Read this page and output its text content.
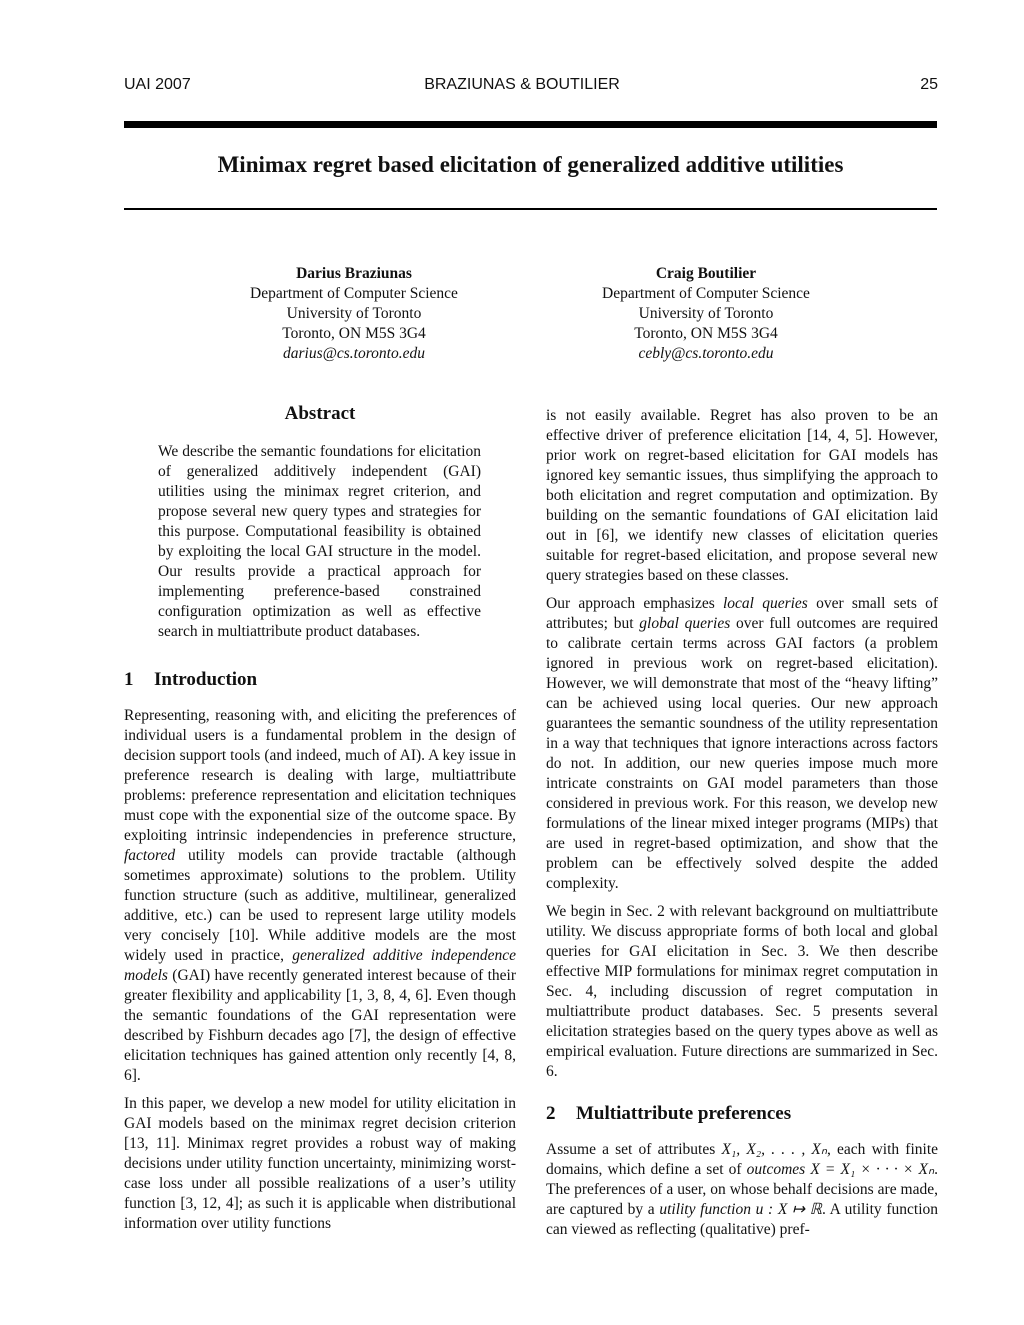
UAI 2007	BRAZIUNAS & BOUTILIER	25
Minimax regret based elicitation of generalized additive utilities
Darius Braziunas
Department of Computer Science
University of Toronto
Toronto, ON M5S 3G4
darius@cs.toronto.edu
Craig Boutilier
Department of Computer Science
University of Toronto
Toronto, ON M5S 3G4
cebly@cs.toronto.edu
Abstract

We describe the semantic foundations for elicitation of generalized additively independent (GAI) utilities using the minimax regret criterion, and propose several new query types and strategies for this purpose. Computational feasibility is obtained by exploiting the local GAI structure in the model. Our results provide a practical approach for implementing preference-based constrained configuration optimization as well as effective search in multiattribute product databases.

1 Introduction

Representing, reasoning with, and eliciting the preferences of individual users is a fundamental problem in the design of decision support tools (and indeed, much of AI). A key issue in preference research is dealing with large, multiattribute problems: preference representation and elicitation techniques must cope with the exponential size of the outcome space. By exploiting intrinsic independencies in preference structure, factored utility models can provide tractable (although sometimes approximate) solutions to the problem. Utility function structure (such as additive, multilinear, generalized additive, etc.) can be used to represent large utility models very concisely [10]. While additive models are the most widely used in practice, generalized additive independence models (GAI) have recently generated interest because of their greater flexibility and applicability [1, 3, 8, 4, 6]. Even though the semantic foundations of the GAI representation were described by Fishburn decades ago [7], the design of effective elicitation techniques has gained attention only recently [4, 8, 6].

In this paper, we develop a new model for utility elicitation in GAI models based on the minimax regret decision criterion [13, 11]. Minimax regret provides a robust way of making decisions under utility function uncertainty, minimizing worst-case loss under all possible realizations of a user’s utility function [3, 12, 4]; as such it is applicable when distributional information over utility functions

is not easily available. Regret has also proven to be an effective driver of preference elicitation [14, 4, 5]. However, prior work on regret-based elicitation for GAI models has ignored key semantic issues, thus simplifying the approach to both elicitation and regret computation and optimization. By building on the semantic foundations of GAI elicitation laid out in [6], we identify new classes of elicitation queries suitable for regret-based elicitation, and propose several new query strategies based on these classes.

Our approach emphasizes local queries over small sets of attributes; but global queries over full outcomes are required to calibrate certain terms across GAI factors (a problem ignored in previous work on regret-based elicitation). However, we will demonstrate that most of the “heavy lifting” can be achieved using local queries. Our new approach guarantees the semantic soundness of the utility representation in a way that techniques that ignore interactions across factors do not. In addition, our new queries impose much more intricate constraints on GAI model parameters than those considered in previous work. For this reason, we develop new formulations of the linear mixed integer programs (MIPs) that are used in regret-based optimization, and show that the problem can be effectively solved despite the added complexity.

We begin in Sec. 2 with relevant background on multiattribute utility. We discuss appropriate forms of both local and global queries for GAI elicitation in Sec. 3. We then describe effective MIP formulations for minimax regret computation in Sec. 4, including discussion of regret computation in multiattribute product databases. Sec. 5 presents several elicitation strategies based on the query types above as well as empirical evaluation. Future directions are summarized in Sec. 6.

2 Multiattribute preferences

Assume a set of attributes X₁, X₂, . . . , Xₙ, each with finite domains, which define a set of outcomes X = X₁ × · · · × Xₙ. The preferences of a user, on whose behalf decisions are made, are captured by a utility function u : X ↦ ℝ. A utility function can viewed as reflecting (qualitative) pref-
